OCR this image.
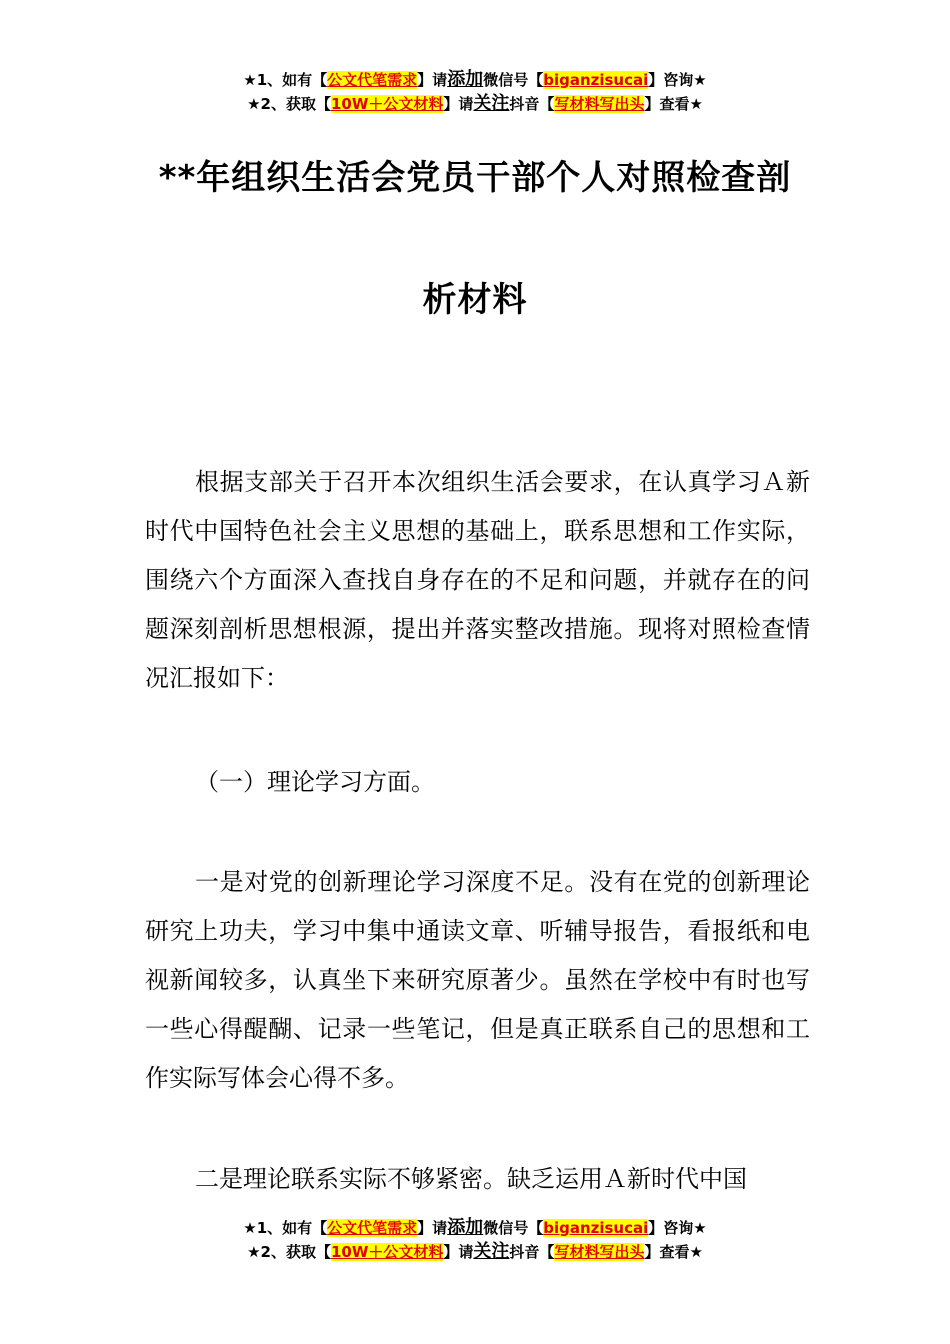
★1、如有【公文代笔需求】请添加微信号【biganzisucai】咨询★
★2、获取【10W＋公文材料】请关注抖音【写材料写出头】查看★
**年组织生活会党员干部个人对照检查剖
析材料

根据支部关于召开本次组织生活会要求，在认真学习Ａ新时代中国特色社会主义思想的基础上，联系思想和工作实际，围绕六个方面深入查找自身存在的不足和问题，并就存在的问题深刻剖析思想根源，提出并落实整改措施。现将对照检查情况汇报如下：

（一）理论学习方面。

一是对党的创新理论学习深度不足。没有在党的创新理论研究上功夫，学习中集中通读文章、听辅导报告，看报纸和电视新闻较多，认真坐下来研究原著少。虽然在学校中有时也写一些心得醍醐、记录一些笔记，但是真正联系自己的思想和工作实际写体会心得不多。

二是理论联系实际不够紧密。缺乏运用Ａ新时代中国

★1、如有【公文代笔需求】请添加微信号【biganzisucai】咨询★
★2、获取【10W＋公文材料】请关注抖音【写材料写出头】查看★
